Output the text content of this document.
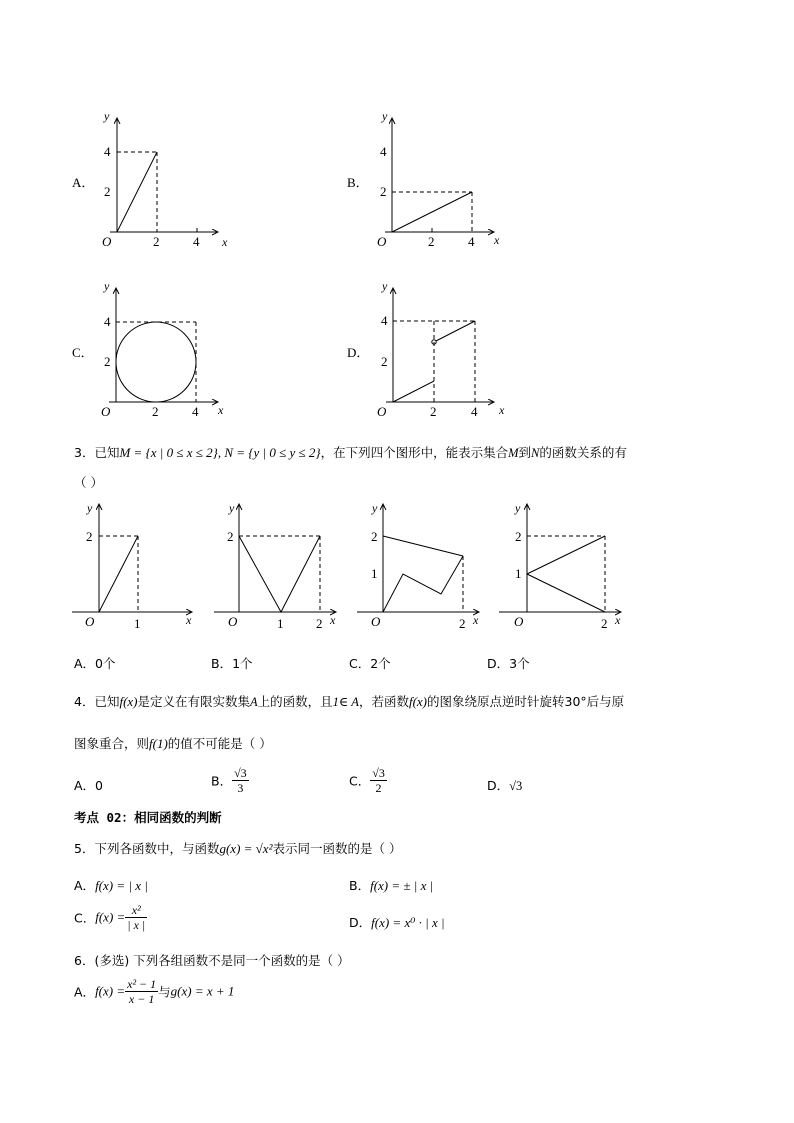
A．
y
4
2
O	2	4 x
B．
y
4
2
O	2	4 x
C．
y
4
2
O	2	4 x
D．
y
4
2
O	2	4 x
3．已知M = {x | 0 ≤ x ≤ 2}, N = {y | 0 ≤ y ≤ 2}，在下列四个图形中，能表示集合M到N的函数关系的有
（ ）
y
2
O	1	x
y
2
O	1	2 x
y
2
1
O	2 x
y
2
1
O	2 x
A．0个	B．1个	C．2个	D．3个
4．已知f(x)是定义在有限实数集A上的函数，且1∈ A，若函数f(x)的图象绕原点逆时针旋转30°后与原
图象重合，则f(1)的值不可能是（ ）
A．0	B． $\frac{√3}{3}$	C． $\frac{√3}{2}$	D．√3
考点 02：相同函数的判断
5．下列各函数中，与函数g(x) = √x²表示同一函数的是（ ）
A．f(x) = | x |	B．f(x) = ± | x |
C．$f(x) = \frac{\text{x²}}{| x |}$	D．f(x) = x⁰ · | x |
6．(多选) 下列各组函数不是同一个函数的是（ ）
A．$f(x) = \frac{\text{x² − 1}}{x - 1}$ 与g(x) = x + 1
